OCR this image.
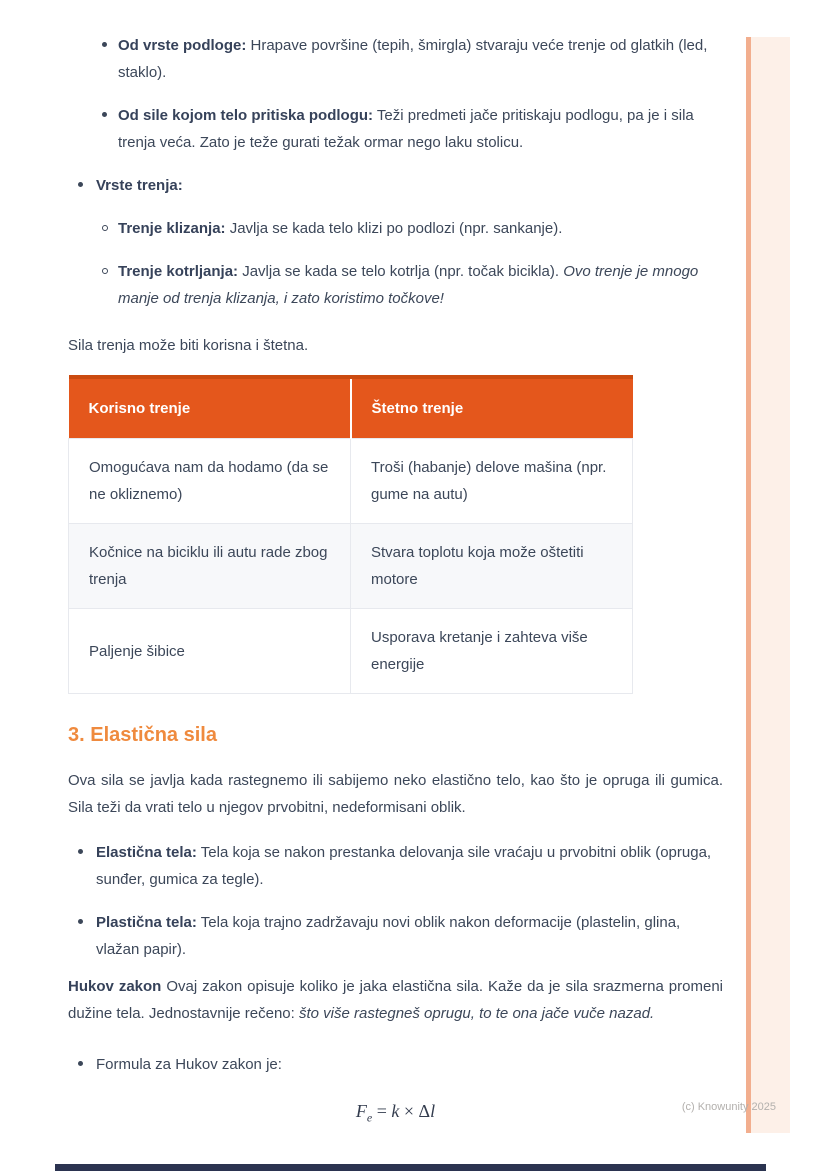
Od vrste podloge: Hrapave površine (tepih, šmirgla) stvaraju veće trenje od glatkih (led, staklo).
Od sile kojom telo pritiska podlogu: Teži predmeti jače pritiskaju podlogu, pa je i sila trenja veća. Zato je teže gurati težak ormar nego laku stolicu.
Vrste trenja:
Trenje klizanja: Javlja se kada telo klizi po podlozi (npr. sankanje).
Trenje kotrljanja: Javlja se kada se telo kotrlja (npr. točak bicikla). Ovo trenje je mnogo manje od trenja klizanja, i zato koristimo točkove!

Sila trenja može biti korisna i štetna.

Korisno trenje	Štetno trenje
Omogućava nam da hodamo (da se ne okliznemo)	Troši (habanje) delove mašina (npr. gume na autu)
Kočnice na biciklu ili autu rade zbog trenja	Stvara toplotu koja može oštetiti motore
Paljenje šibice	Usporava kretanje i zahteva više energije
3. Elastična sila

Ova sila se javlja kada rastegnemo ili sabijemo neko elastično telo, kao što je opruga ili gumica. Sila teži da vrati telo u njegov prvobitni, nedeformisani oblik.

Elastična tela: Tela koja se nakon prestanka delovanja sile vraćaju u prvobitni oblik (opruga, sunđer, gumica za tegle).
Plastična tela: Tela koja trajno zadržavaju novi oblik nakon deformacije (plastelin, glina, vlažan papir).

Hukov zakon Ovaj zakon opisuje koliko je jaka elastična sila. Kaže da je sila srazmerna promeni dužine tela. Jednostavnije rečeno: što više rastegneš oprugu, to te ona jače vuče nazad.

Formula za Hukov zakon je:
$F_e = k \times \Delta l$	(c) Knowunity 2025
